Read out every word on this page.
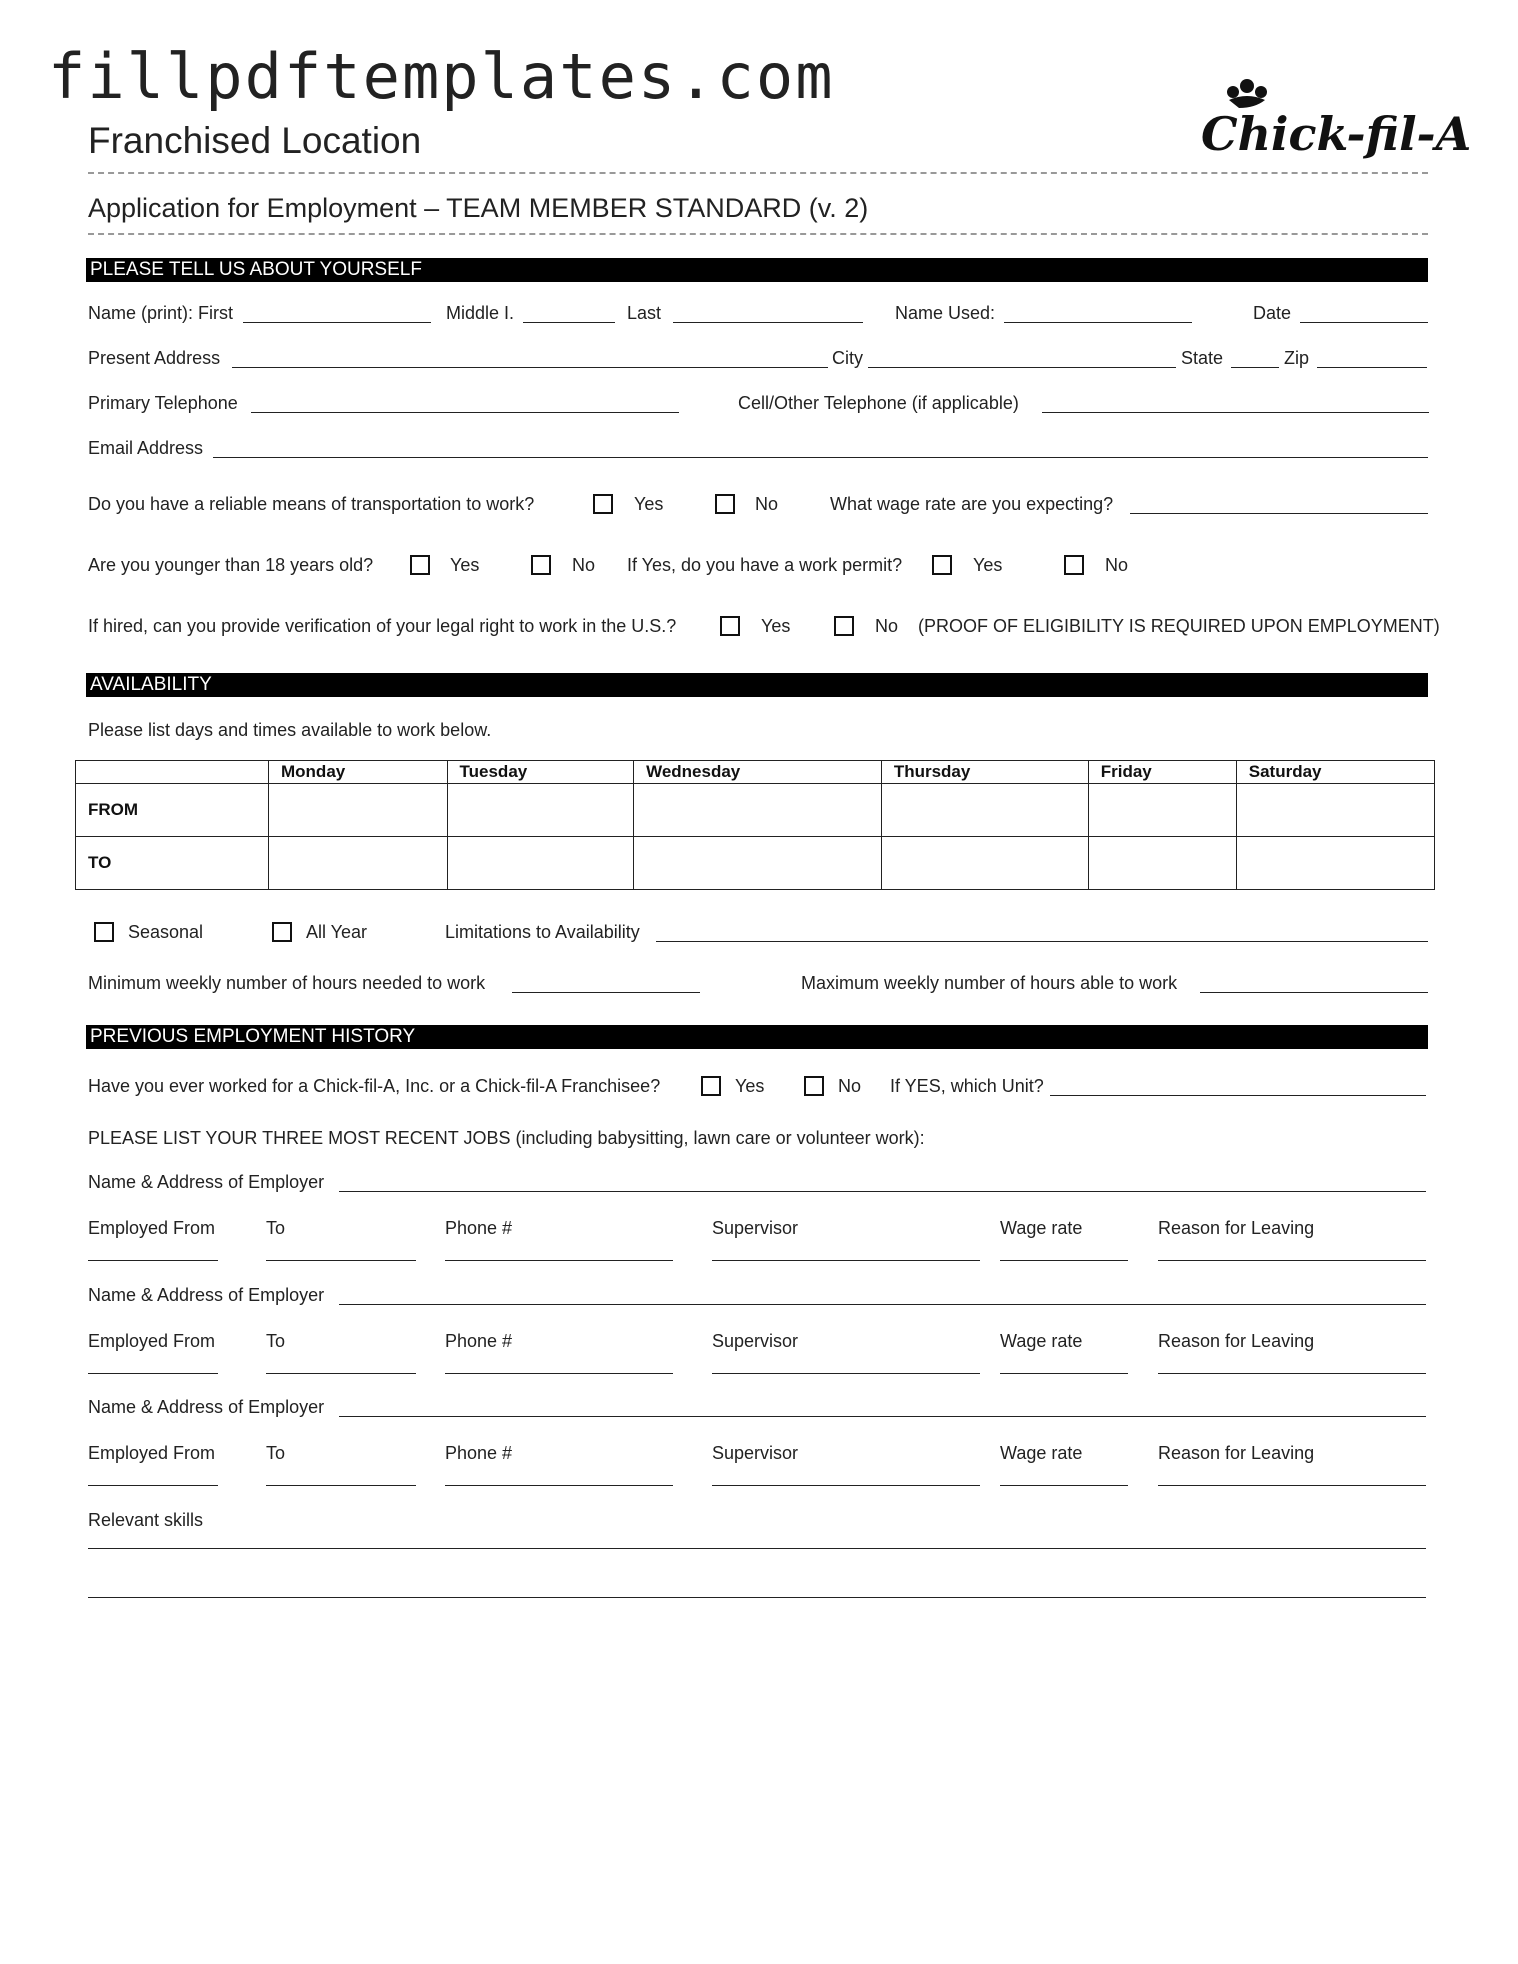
fillpdftemplates.com
Franchised Location	Chick-fil-A
Application for Employment – TEAM MEMBER STANDARD (v. 2)
PLEASE TELL US ABOUT YOURSELF
Name (print): First	Middle I.	Last	Name Used:	Date
Present Address	City	State	Zip
Primary Telephone	Cell/Other Telephone (if applicable)
Email Address
Do you have a reliable means of transportation to work?	Yes	No	What wage rate are you expecting?
Are you younger than 18 years old?	Yes	No If Yes, do you have a work permit?	Yes	No
If hired, can you provide verification of your legal right to work in the U.S.?	Yes	No (PROOF OF ELIGIBILITY IS REQUIRED UPON EMPLOYMENT)
AVAILABILITY
Please list days and times available to work below.
	Monday	Tuesday	Wednesday	Thursday	Friday	Saturday
FROM						
TO						
Seasonal	All Year	Limitations to Availability
Minimum weekly number of hours needed to work	Maximum weekly number of hours able to work
PREVIOUS EMPLOYMENT HISTORY
Have you ever worked for a Chick-fil-A, Inc. or a Chick-fil-A Franchisee?	Yes	No If YES, which Unit?
PLEASE LIST YOUR THREE MOST RECENT JOBS (including babysitting, lawn care or volunteer work):
Name & Address of Employer
Employed From	To	Phone #	Supervisor	Wage rate	Reason for Leaving
Name & Address of Employer
Employed From	To	Phone #	Supervisor	Wage rate	Reason for Leaving
Name & Address of Employer
Employed From	To	Phone #	Supervisor	Wage rate	Reason for Leaving
Relevant skills
